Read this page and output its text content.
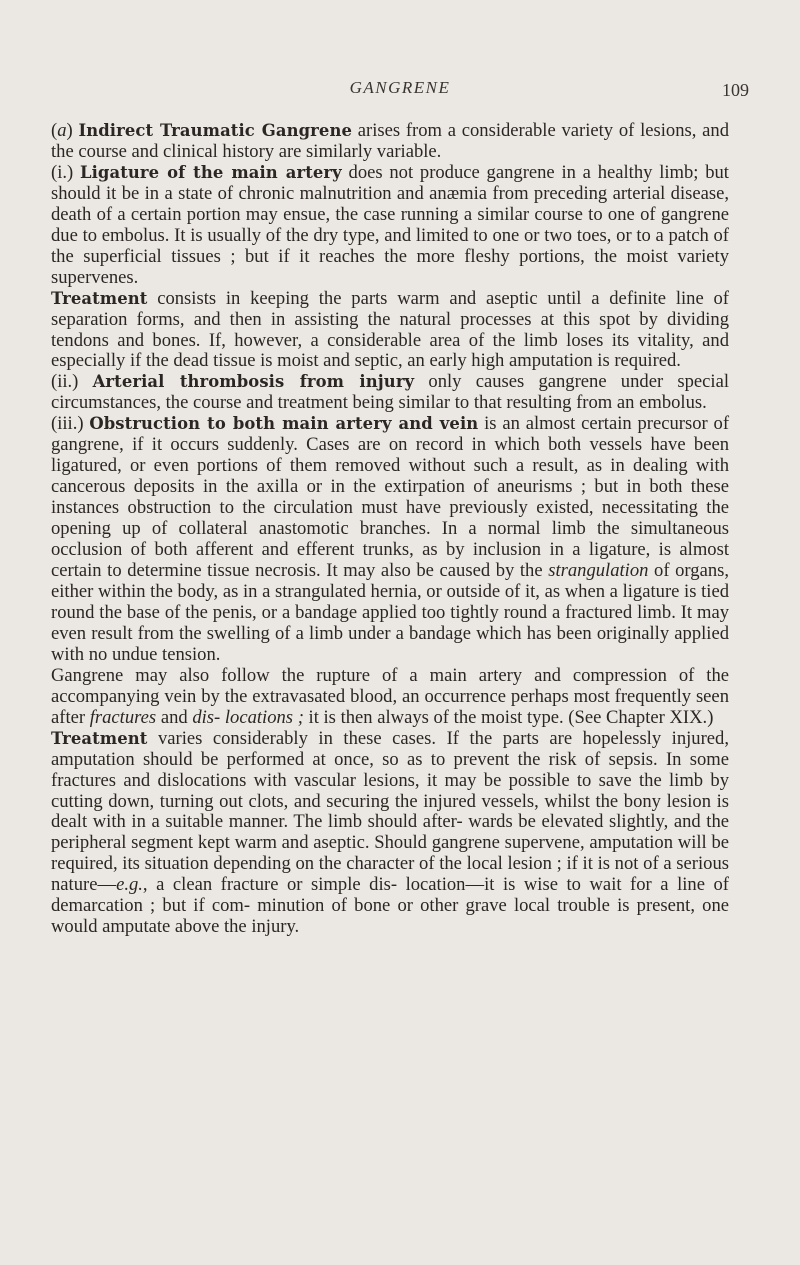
GANGRENE	109

(a) Indirect Traumatic Gangrene arises from a considerable variety of lesions, and the course and clinical history are similarly variable.

(i.) Ligature of the main artery does not produce gangrene in a healthy limb; but should it be in a state of chronic malnutrition and anæmia from preceding arterial disease, death of a certain portion may ensue, the case running a similar course to one of gangrene due to embolus. It is usually of the dry type, and limited to one or two toes, or to a patch of the superficial tissues ; but if it reaches the more fleshy portions, the moist variety supervenes.

Treatment consists in keeping the parts warm and aseptic until a definite line of separation forms, and then in assisting the natural processes at this spot by dividing tendons and bones. If, however, a considerable area of the limb loses its vitality, and especially if the dead tissue is moist and septic, an early high amputation is required.

(ii.) Arterial thrombosis from injury only causes gangrene under special circumstances, the course and treatment being similar to that resulting from an embolus.

(iii.) Obstruction to both main artery and vein is an almost certain precursor of gangrene, if it occurs suddenly. Cases are on record in which both vessels have been ligatured, or even portions of them removed without such a result, as in dealing with cancerous deposits in the axilla or in the extirpation of aneurisms ; but in both these instances obstruction to the circulation must have previously existed, necessitating the opening up of collateral anastomotic branches. In a normal limb the simultaneous occlusion of both afferent and efferent trunks, as by inclusion in a ligature, is almost certain to determine tissue necrosis. It may also be caused by the strangulation of organs, either within the body, as in a strangulated hernia, or outside of it, as when a ligature is tied round the base of the penis, or a bandage applied too tightly round a fractured limb. It may even result from the swelling of a limb under a bandage which has been originally applied with no undue tension.

Gangrene may also follow the rupture of a main artery and compression of the accompanying vein by the extravasated blood, an occurrence perhaps most frequently seen after fractures and dis- locations ; it is then always of the moist type. (See Chapter XIX.)

Treatment varies considerably in these cases. If the parts are hopelessly injured, amputation should be performed at once, so as to prevent the risk of sepsis. In some fractures and dislocations with vascular lesions, it may be possible to save the limb by cutting down, turning out clots, and securing the injured vessels, whilst the bony lesion is dealt with in a suitable manner. The limb should after- wards be elevated slightly, and the peripheral segment kept warm and aseptic. Should gangrene supervene, amputation will be required, its situation depending on the character of the local lesion ; if it is not of a serious nature—e.g., a clean fracture or simple dis- location—it is wise to wait for a line of demarcation ; but if com- minution of bone or other grave local trouble is present, one would amputate above the injury.
